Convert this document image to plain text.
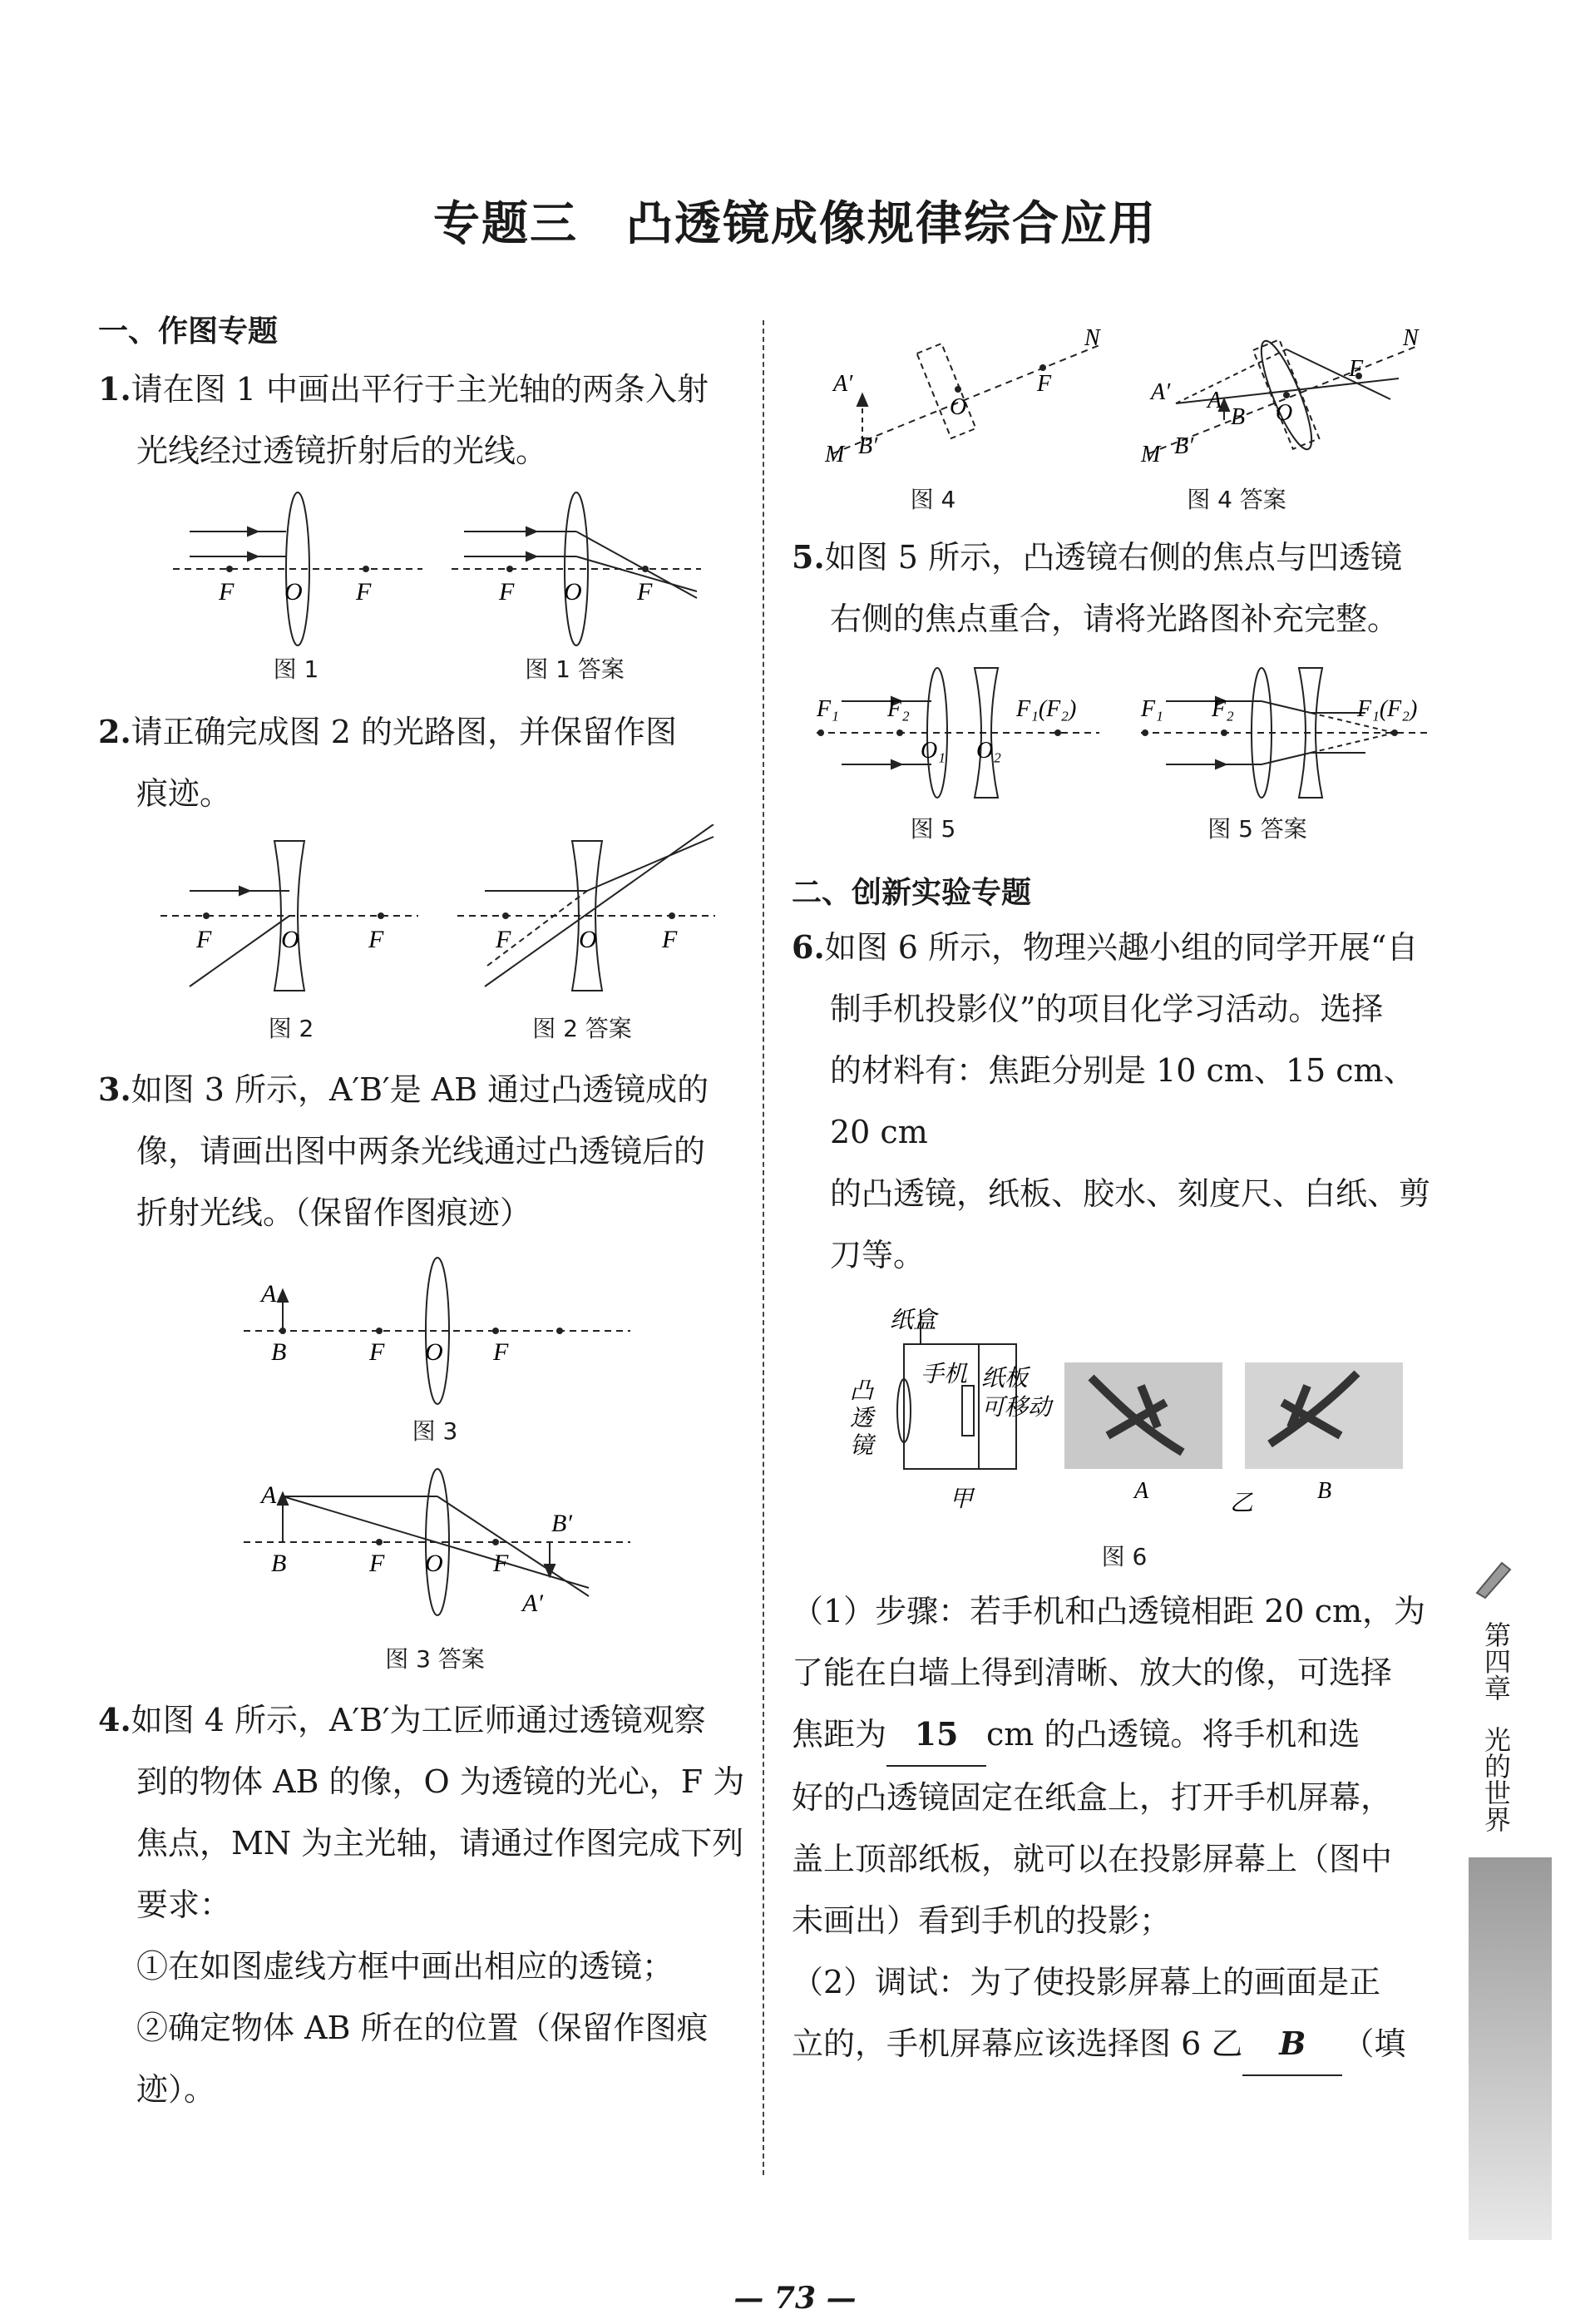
专题三　凸透镜成像规律综合应用
一、作图专题
1.请在图 1 中画出平行于主光轴的两条入射
光线经过透镜折射后的光线。
F O F	F O F
图 1	图 1 答案
2.请正确完成图 2 的光路图，并保留作图
痕迹。
F	O	F	F	O	F
图 2	图 2 答案
3.如图 3 所示，A′B′是 AB 通过凸透镜成的
像，请画出图中两条光线通过凸透镜后的
折射光线。（保留作图痕迹）
A
B	F O F
图 3
A
B	F O F
B′
A′
图 3 答案
4.如图 4 所示，A′B′为工匠师通过透镜观察
到的物体 AB 的像，O 为透镜的光心，F 为
焦点，MN 为主光轴，请通过作图完成下列
要求：
①在如图虚线方框中画出相应的透镜；
②确定物体 AB 所在的位置（保留作图痕
迹）。
A′
M B′
O
F
N
A′ A
M B′
B O
F
N
图 4	图 4 答案
5.如图 5 所示，凸透镜右侧的焦点与凹透镜
右侧的焦点重合，请将光路图补充完整。
F₁ F₂	F₁(F₂)
O₁ O₂
F₁ F₂	F₁(F₂)
图 5	图 5 答案
二、创新实验专题
6.如图 6 所示，物理兴趣小组的同学开展“自
制手机投影仪”的项目化学习活动。选择
的材料有：焦距分别是 10 cm、15 cm、20 cm
的凸透镜，纸板、胶水、刻度尺、白纸、剪
刀等。
纸盒
手机 纸板
可移动
凸
透
镜
甲	A	乙	B
图 6
（1）步骤：若手机和凸透镜相距 20 cm，为
了能在白墙上得到清晰、放大的像，可选择
焦距为 15 cm 的凸透镜。将手机和选
好的凸透镜固定在纸盒上，打开手机屏幕，
盖上顶部纸板，就可以在投影屏幕上（图中
未画出）看到手机的投影；
（2）调试：为了使投影屏幕上的画面是正
立的，手机屏幕应该选择图 6 乙 B （填
第四章
光的世界
— 73 —
